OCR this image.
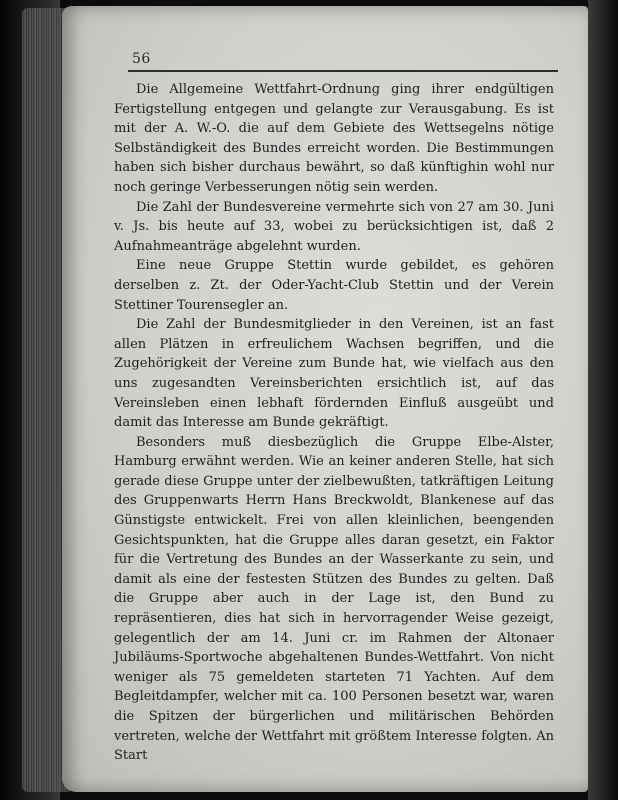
56

Die Allgemeine Wettfahrt-Ordnung ging ihrer endgültigen Fertigstellung entgegen und gelangte zur Verausgabung. Es ist mit der A. W.-O. die auf dem Gebiete des Wettsegelns nötige Selbständigkeit des Bundes erreicht worden. Die Bestimmungen haben sich bisher durchaus bewährt, so daß künftighin wohl nur noch geringe Verbesserungen nötig sein werden.

Die Zahl der Bundesvereine vermehrte sich von 27 am 30. Juni v. Js. bis heute auf 33, wobei zu berücksichtigen ist, daß 2 Aufnahmeanträge abgelehnt wurden.

Eine neue Gruppe Stettin wurde gebildet, es gehören derselben z. Zt. der Oder-Yacht-Club Stettin und der Verein Stettiner Tourensegler an.

Die Zahl der Bundesmitglieder in den Vereinen, ist an fast allen Plätzen in erfreulichem Wachsen begriffen, und die Zugehörigkeit der Vereine zum Bunde hat, wie vielfach aus den uns zugesandten Vereinsberichten ersichtlich ist, auf das Vereinsleben einen lebhaft fördernden Einfluß ausgeübt und damit das Interesse am Bunde gekräftigt.

Besonders muß diesbezüglich die Gruppe Elbe-Alster, Hamburg erwähnt werden. Wie an keiner anderen Stelle, hat sich gerade diese Gruppe unter der zielbewußten, tatkräftigen Leitung des Gruppenwarts Herrn Hans Breckwoldt, Blankenese auf das Günstigste entwickelt. Frei von allen kleinlichen, beengenden Gesichtspunkten, hat die Gruppe alles daran gesetzt, ein Faktor für die Vertretung des Bundes an der Wasserkante zu sein, und damit als eine der festesten Stützen des Bundes zu gelten. Daß die Gruppe aber auch in der Lage ist, den Bund zu repräsentieren, dies hat sich in hervorragender Weise gezeigt, gelegentlich der am 14. Juni cr. im Rahmen der Altonaer Jubiläums-Sportwoche abgehaltenen Bundes-Wettfahrt. Von nicht weniger als 75 gemeldeten starteten 71 Yachten. Auf dem Begleitdampfer, welcher mit ca. 100 Personen besetzt war, waren die Spitzen der bürgerlichen und militärischen Behörden vertreten, welche der Wettfahrt mit größtem Interesse folgten. An Start
